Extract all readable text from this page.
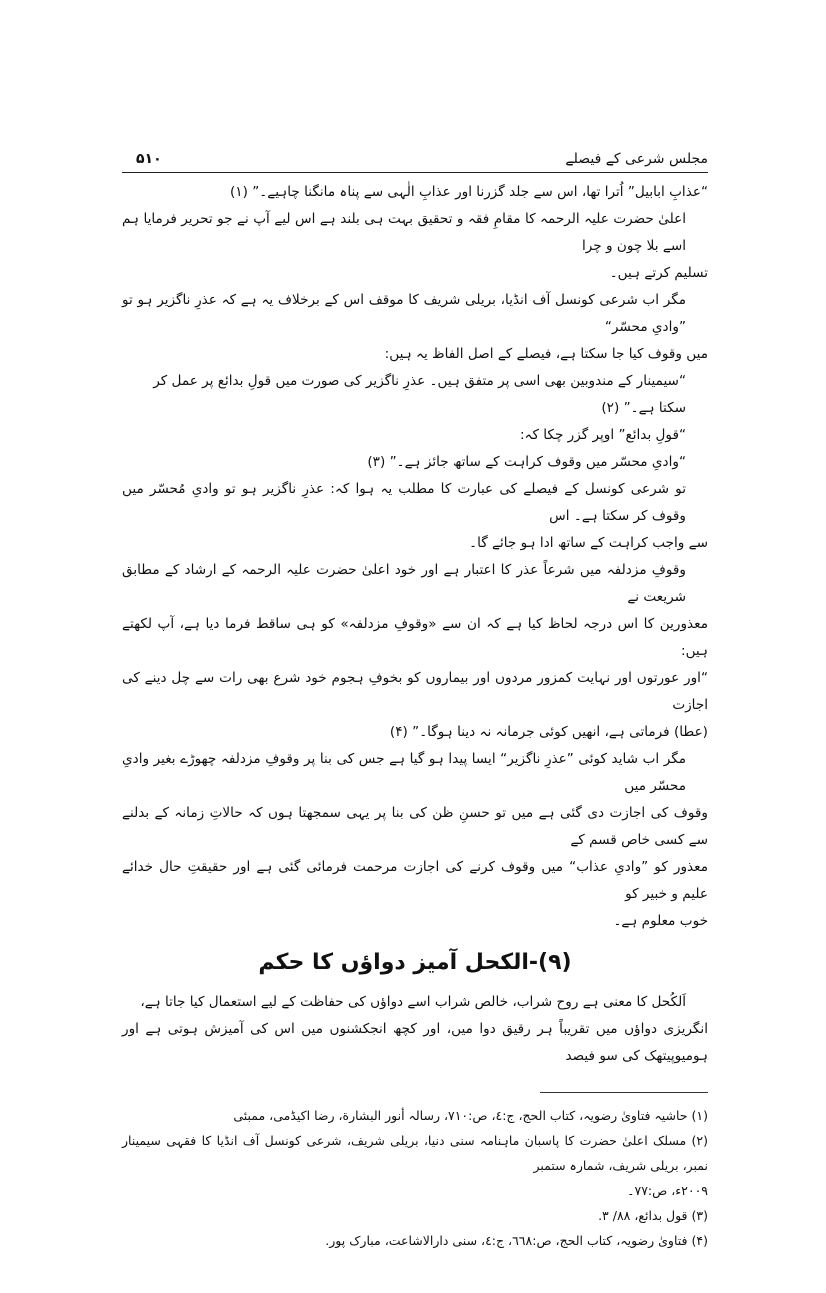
مجلس شرعی کے فیصلے
۵۱۰
“عذابِ ابابیل” اُترا تھا، اس سے جلد گزرنا اور عذابِ الٰہی سے پناہ مانگنا چاہیے۔” (۱)
اعلیٰ حضرت علیہ الرحمہ کا مقامِ فقہ و تحقیق بہت ہی بلند ہے اس لیے آپ نے جو تحریر فرمایا ہم اسے بلا چون و چرا
تسلیم کرتے ہیں۔
مگر اب شرعی کونسل آف انڈیا، بریلی شریف کا موقف اس کے برخلاف یہ ہے کہ عذرِ ناگزیر ہو تو ”وادیِ محسّر“
میں وقوف کیا جا سکتا ہے، فیصلے کے اصل الفاظ یہ ہیں:
“سیمینار کے مندوبین بھی اسی پر متفق ہیں۔ عذرِ ناگزیر کی صورت میں قولِ بدائع پر عمل کر سکتا ہے۔” (۲)
“قولِ بدائع” اوپر گزر چکا کہ:
“وادیِ محسّر میں وقوف کراہت کے ساتھ جائز ہے۔” (۳)
تو شرعی کونسل کے فیصلے کی عبارت کا مطلب یہ ہوا کہ: عذرِ ناگزیر ہو تو وادیِ مُحسّر میں وقوف کر سکتا ہے۔ اس
سے واجب کراہت کے ساتھ ادا ہو جائے گا۔
وقوفِ مزدلفہ میں شرعاً عذر کا اعتبار ہے اور خود اعلیٰ حضرت علیہ الرحمہ کے ارشاد کے مطابق شریعت نے
معذورین کا اس درجہ لحاظ کیا ہے کہ ان سے «وقوفِ مزدلفہ» کو ہی ساقط فرما دیا ہے، آپ لکھتے ہیں:
“اور عورتوں اور نہایت کمزور مردوں اور بیماروں کو بخوفِ ہجوم خود شرع بھی رات سے چل دینے کی اجازت
(عطا) فرماتی ہے، انھیں کوئی جرمانہ نہ دینا ہوگا۔” (۴)
مگر اب شاید کوئی ”عذرِ ناگزیر“ ایسا پیدا ہو گیا ہے جس کی بنا پر وقوفِ مزدلفہ چھوڑے بغیر وادیِ محسّر میں
وقوف کی اجازت دی گئی ہے میں تو حسنِ ظن کی بنا پر یہی سمجھتا ہوں کہ حالاتِ زمانہ کے بدلنے سے کسی خاص قسم کے
معذور کو ”وادیِ عذاب“ میں وقوف کرنے کی اجازت مرحمت فرمائی گئی ہے اور حقیقتِ حال خدائے علیم و خبیر کو
خوب معلوم ہے۔
(۹)-الکحل آمیز دواؤں کا حکم
اَلکُحل کا معنی ہے روح شراب، خالص شراب اسے دواؤں کی حفاظت کے لیے استعمال کیا جاتا ہے،
انگریزی دواؤں میں تقریباً ہر رقیق دوا میں، اور کچھ انجکشنوں میں اس کی آمیزش ہوتی ہے اور ہومیوپیتھک کی سو فیصد
(۱) حاشیہ فتاویٰ رضویہ، کتاب الحج، ج:٤، ص:٧١٠، رسالہ أنور البشارة، رضا اکیڈمی، ممبئی
(۲) مسلک اعلیٰ حضرت کا پاسبان ماہنامہ سنی دنیا، بریلی شریف، شرعی کونسل آف انڈیا کا فقہی سیمینار نمبر، بریلی شریف، شمارہ ستمبر
۲۰۰۹ء، ص:۷۷۔
(۳) قول بدائع، ۸۸/ ۳.
(۴) فتاویٰ رضویہ، کتاب الحج، ص:٦٦٨، ج:٤، سنی دارالاشاعت، مبارک پور.
